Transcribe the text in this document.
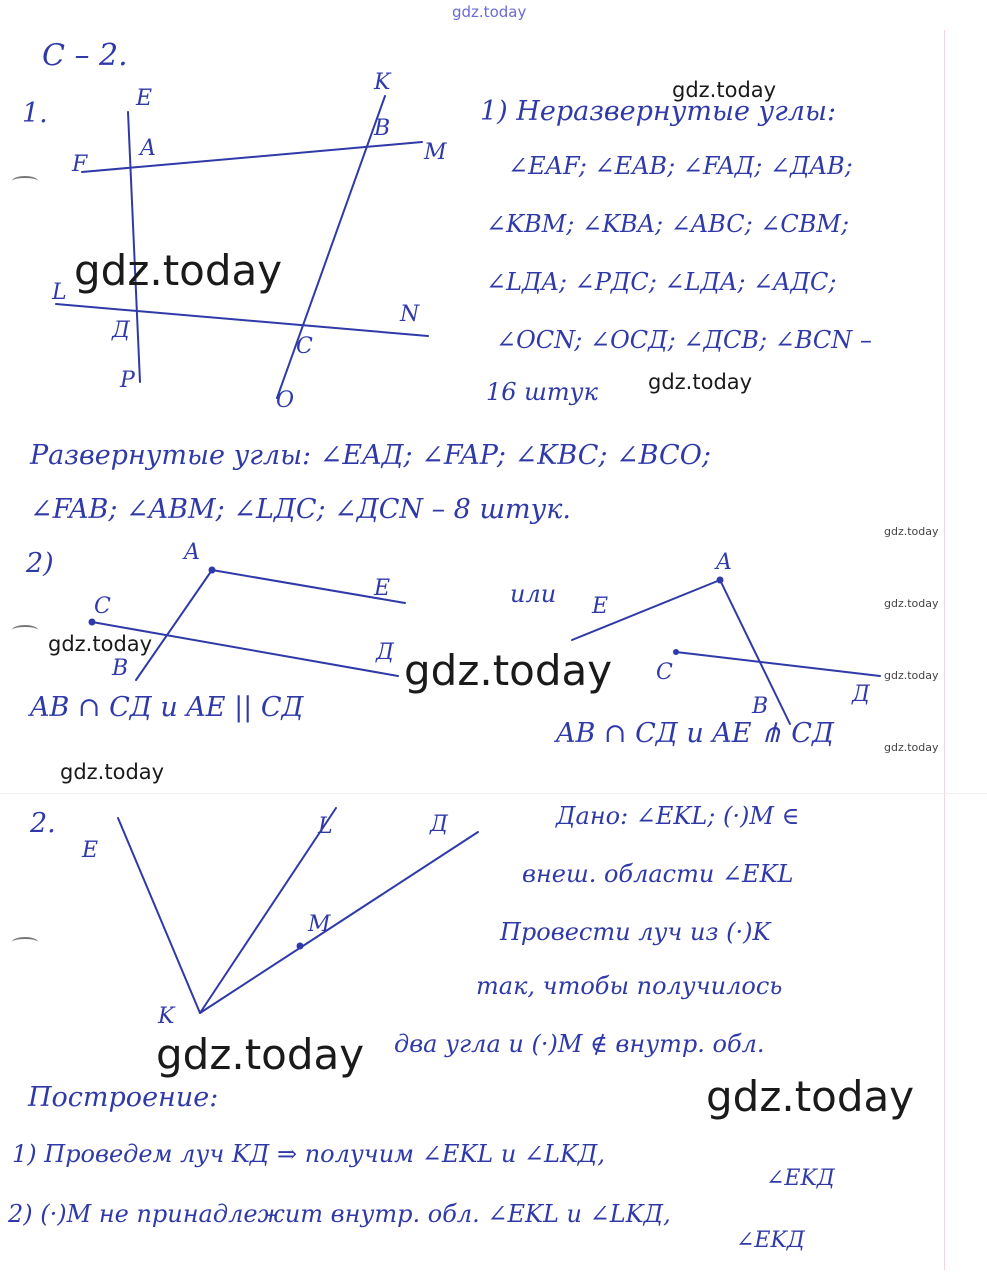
С – 2.
1.	E
K
F
A
B
M
L
Д
N
C
P
O
1) Неразвернутые углы:
∠EAF; ∠EAB; ∠FAД; ∠ДAB;
∠KBM; ∠KBA; ∠ABC; ∠CBM;
∠LДA; ∠PДC; ∠LДA; ∠AДC;
∠OCN; ∠OCД; ∠ДCB; ∠BCN –
16 штук
Развернутые углы: ∠EAД; ∠FAP; ∠KBC; ∠BCO;
∠FAB; ∠ABM; ∠LДC; ∠ДCN – 8 штук.
2)	A
E
C
B
Д
AB ∩ CД и AE || CД
или
A
E
C
B	Д
AB ∩ CД и AE ⋔ CД
2.
E
L	Д
M
K
Дано: ∠EKL; (·)M ∈
внеш. области ∠EKL
Провести луч из (·)K
так, чтобы получилось
два угла и (·)M ∉ внутр. обл.
Построение:
1) Проведем луч KД ⇒ получим ∠EKL и ∠LKД,
∠EKД
2) (·)M не принадлежит внутр. обл. ∠EKL и ∠LKД,
∠EKД
gdz.today
gdz.today
gdz.today
gdz.today
gdz.today
gdz.today
gdz.today
gdz.today	gdz.today
gdz.today
gdz.today
gdz.today
gdz.today
